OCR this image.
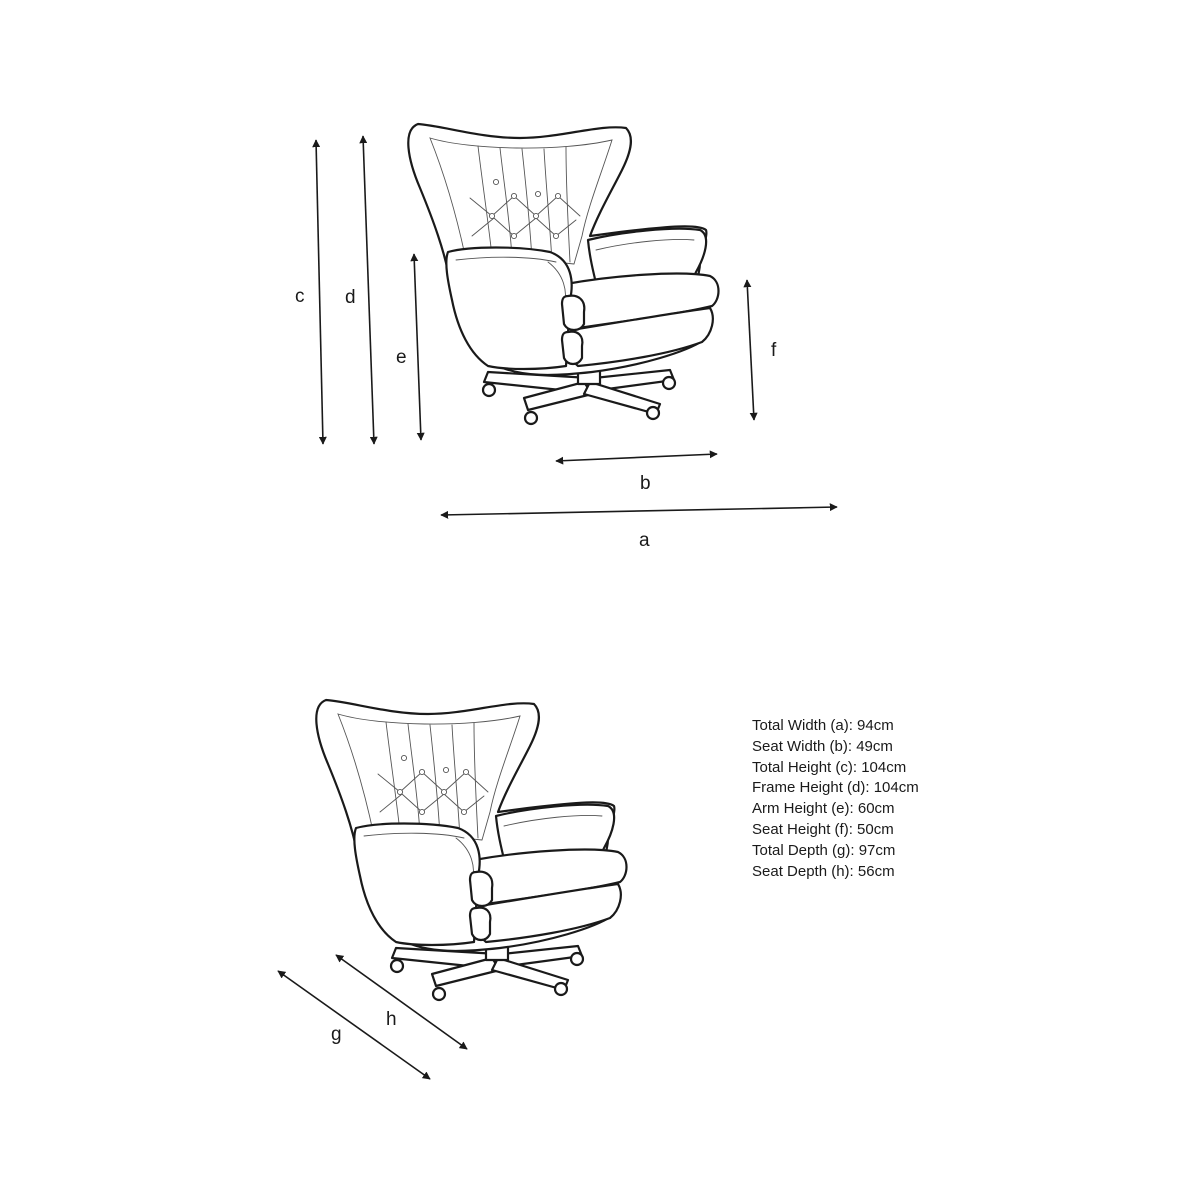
c d
e	f
b
a
h
g
Total Width (a): 94cm
Seat Width (b): 49cm
Total Height (c): 104cm
Frame Height (d): 104cm
Arm Height (e): 60cm
Seat Height (f): 50cm
Total Depth (g): 97cm
Seat Depth (h): 56cm
